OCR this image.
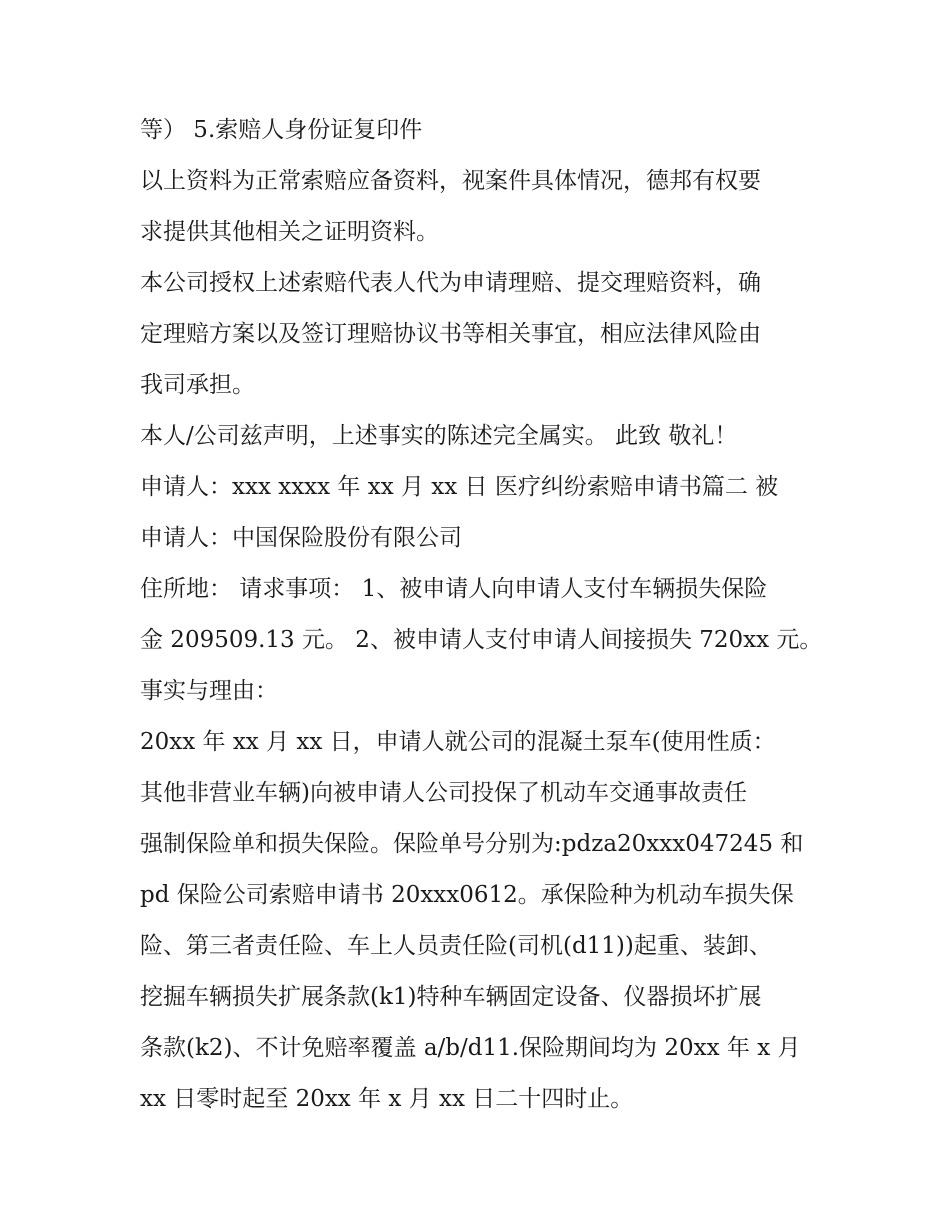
等） 5.索赔人身份证复印件
以上资料为正常索赔应备资料，视案件具体情况，德邦有权要
求提供其他相关之证明资料。
本公司授权上述索赔代表人代为申请理赔、提交理赔资料，确
定理赔方案以及签订理赔协议书等相关事宜，相应法律风险由
我司承担。
本人/公司兹声明，上述事实的陈述完全属实。 此致 敬礼！
申请人：xxx xxxx 年 xx 月 xx 日 医疗纠纷索赔申请书篇二 被
申请人：中国保险股份有限公司
住所地： 请求事项： 1、被申请人向申请人支付车辆损失保险
金 209509.13 元。 2、被申请人支付申请人间接损失 720xx 元。
事实与理由：
20xx 年 xx 月 xx 日，申请人就公司的混凝土泵车(使用性质：
其他非营业车辆)向被申请人公司投保了机动车交通事故责任
强制保险单和损失保险。保险单号分别为:pdza20xxx047245 和
pd 保险公司索赔申请书 20xxx0612。承保险种为机动车损失保
险、第三者责任险、车上人员责任险(司机(d11))起重、装卸、
挖掘车辆损失扩展条款(k1)特种车辆固定设备、仪器损坏扩展
条款(k2)、不计免赔率覆盖 a/b/d11.保险期间均为 20xx 年 x 月
xx 日零时起至 20xx 年 x 月 xx 日二十四时止。
